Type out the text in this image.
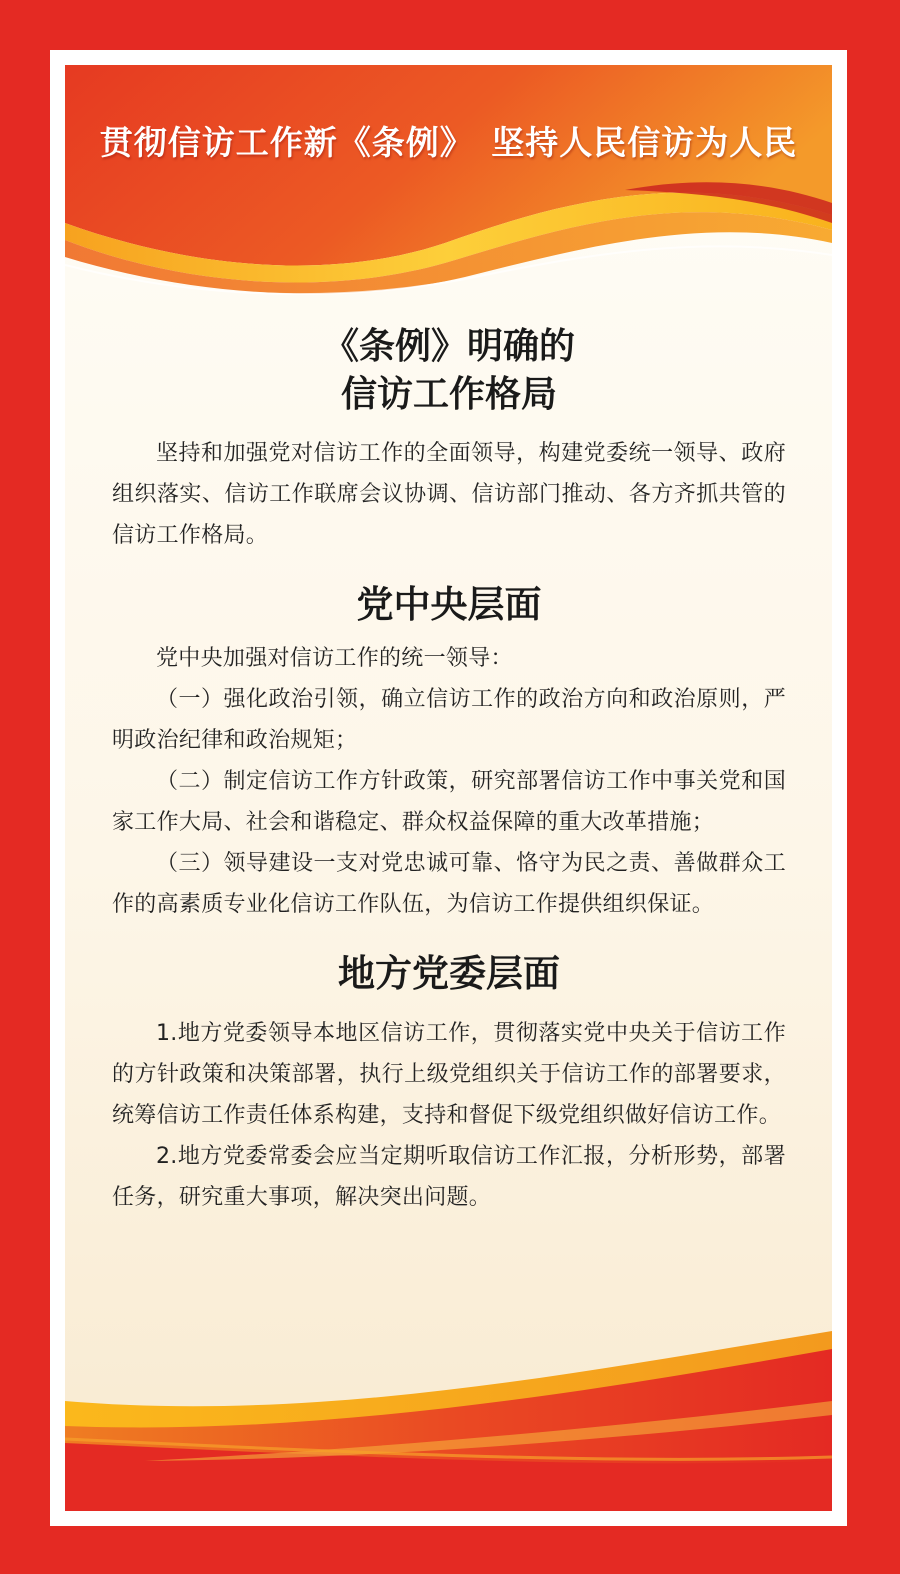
贯彻信访工作新《条例》　坚持人民信访为人民
《条例》明确的
信访工作格局

坚持和加强党对信访工作的全面领导，构建党委统一领导、政府组织落实、信访工作联席会议协调、信访部门推动、各方齐抓共管的信访工作格局。

党中央层面

党中央加强对信访工作的统一领导：

（一）强化政治引领，确立信访工作的政治方向和政治原则，严明政治纪律和政治规矩；

（二）制定信访工作方针政策，研究部署信访工作中事关党和国家工作大局、社会和谐稳定、群众权益保障的重大改革措施；

（三）领导建设一支对党忠诚可靠、恪守为民之责、善做群众工作的高素质专业化信访工作队伍，为信访工作提供组织保证。

地方党委层面

1.地方党委领导本地区信访工作，贯彻落实党中央关于信访工作的方针政策和决策部署，执行上级党组织关于信访工作的部署要求，统筹信访工作责任体系构建，支持和督促下级党组织做好信访工作。

2.地方党委常委会应当定期听取信访工作汇报，分析形势，部署任务，研究重大事项，解决突出问题。
